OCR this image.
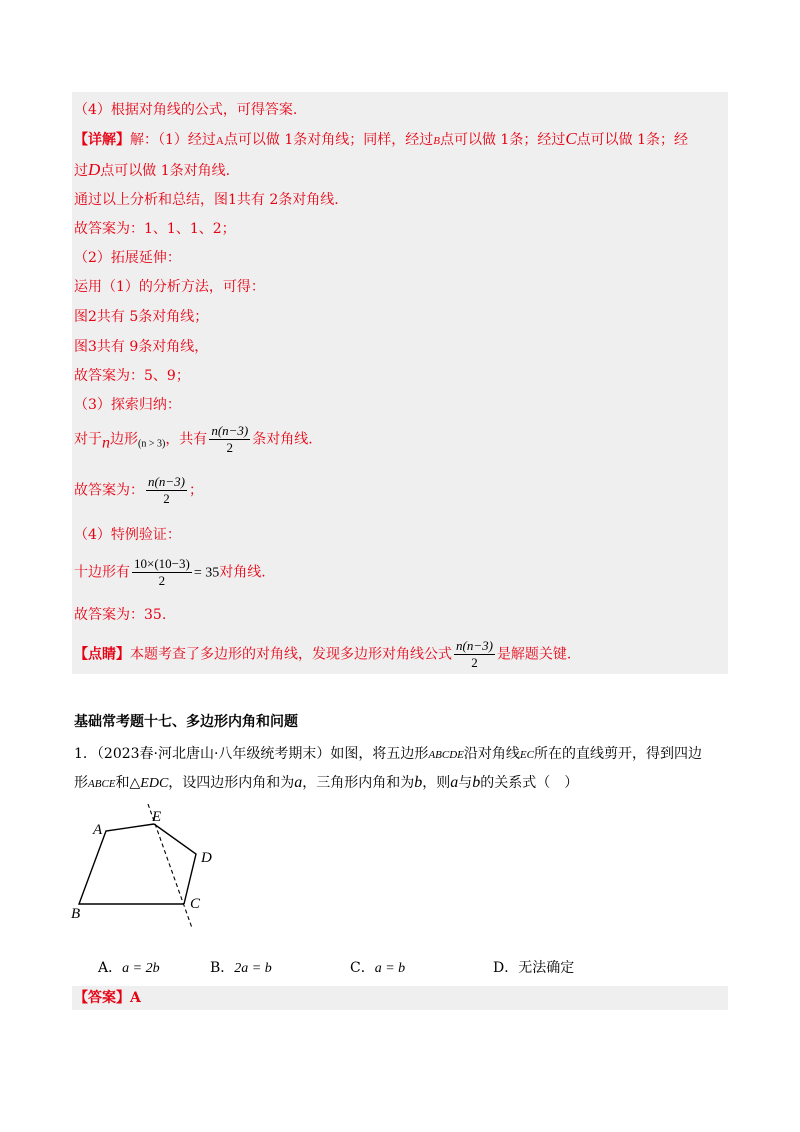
（4）根据对角线的公式，可得答案.
【详解】解：（1）经过A点可以做 1条对角线；同样，经过B点可以做 1条；经过C点可以做 1条；经
过D点可以做 1条对角线.
通过以上分析和总结，图1共有 2条对角线.
故答案为：1、1、1、2；
（2）拓展延伸：
运用（1）的分析方法，可得：
图2共有 5条对角线；
图3共有 9条对角线，
故答案为：5、9；
（3）探索归纳：
对于n边形$_{(n > 3)}$，共有 $\frac{n(n-3)}{2}$ 条对角线.
故答案为： $\frac{n(n-3)}{2}$ ；
（4）特例验证：
十边形有 $\frac{10\times(10-3)}{2} = 35$对角线.
故答案为：35.
【点睛】本题考查了多边形的对角线，发现多边形对角线公式 $\frac{n(n-3)}{2}$ 是解题关键.
基础常考题十七、多边形内角和问题
1．（2023春·河北唐山·八年级统考期末）如图，将五边形ABCDE沿对角线EC所在的直线剪开，得到四边
形ABCE和△EDC，设四边形内角和为a，三角形内角和为b，则a与b的关系式（　）
A
E
D
C
B
A．a = 2b	B．2a = b	C．a = b	D．无法确定
【答案】A
